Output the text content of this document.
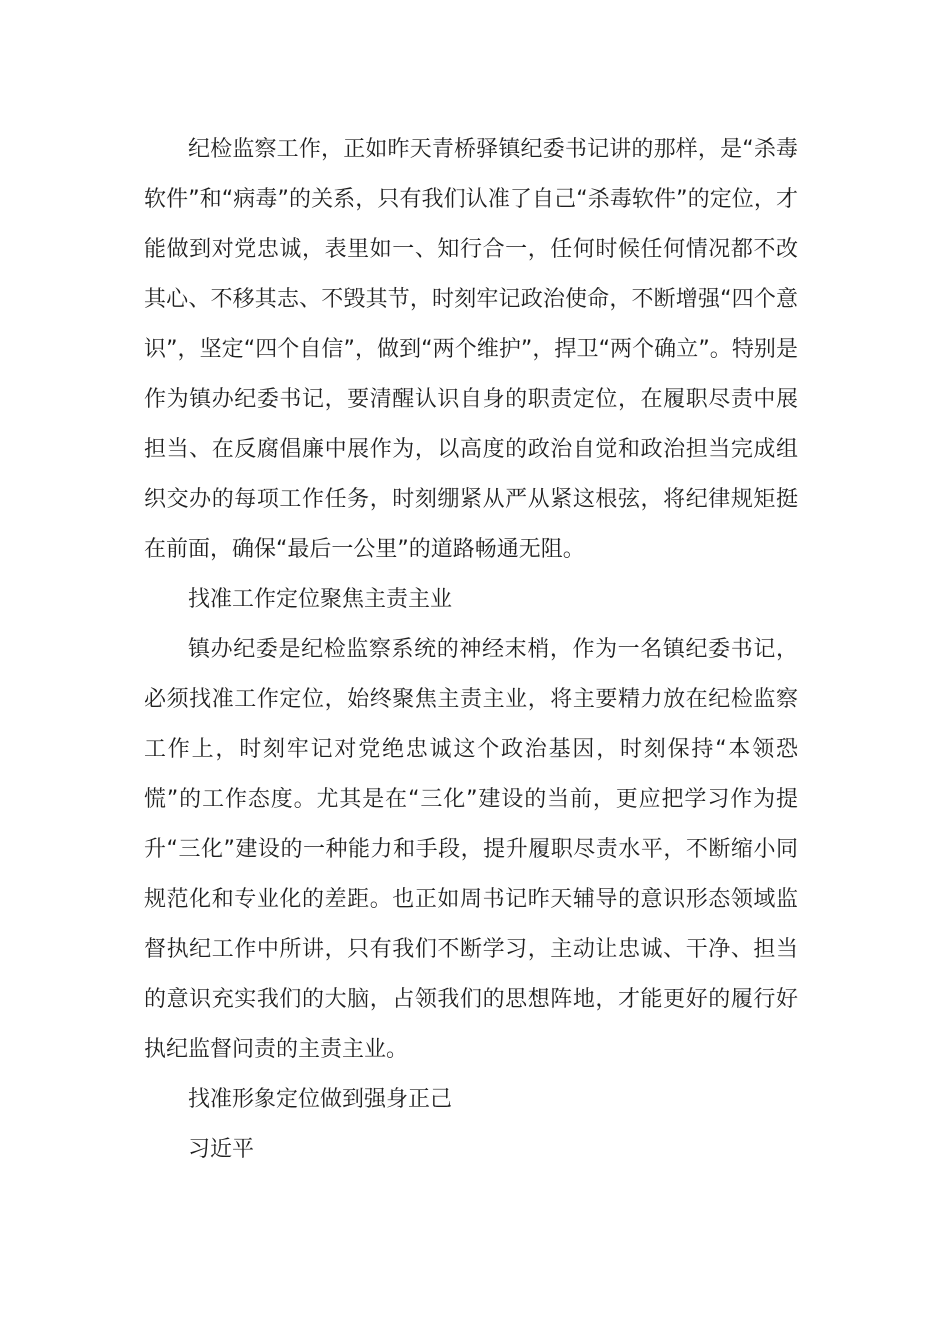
纪检监察工作，正如昨天青桥驿镇纪委书记讲的那样，是“杀毒软件”和“病毒”的关系，只有我们认准了自己“杀毒软件”的定位，才能做到对党忠诚，表里如一、知行合一，任何时候任何情况都不改其心、不移其志、不毁其节，时刻牢记政治使命，不断增强“四个意识”，坚定“四个自信”，做到“两个维护”，捍卫“两个确立”。特别是作为镇办纪委书记，要清醒认识自身的职责定位，在履职尽责中展担当、在反腐倡廉中展作为，以高度的政治自觉和政治担当完成组织交办的每项工作任务，时刻绷紧从严从紧这根弦，将纪律规矩挺在前面，确保“最后一公里”的道路畅通无阻。

找准工作定位聚焦主责主业

镇办纪委是纪检监察系统的神经末梢，作为一名镇纪委书记，必须找准工作定位，始终聚焦主责主业，将主要精力放在纪检监察工作上，时刻牢记对党绝忠诚这个政治基因，时刻保持“本领恐慌”的工作态度。尤其是在“三化”建设的当前，更应把学习作为提升“三化”建设的一种能力和手段，提升履职尽责水平，不断缩小同规范化和专业化的差距。也正如周书记昨天辅导的意识形态领域监督执纪工作中所讲，只有我们不断学习，主动让忠诚、干净、担当的意识充实我们的大脑，占领我们的思想阵地，才能更好的履行好执纪监督问责的主责主业。

找准形象定位做到强身正己

习近平
